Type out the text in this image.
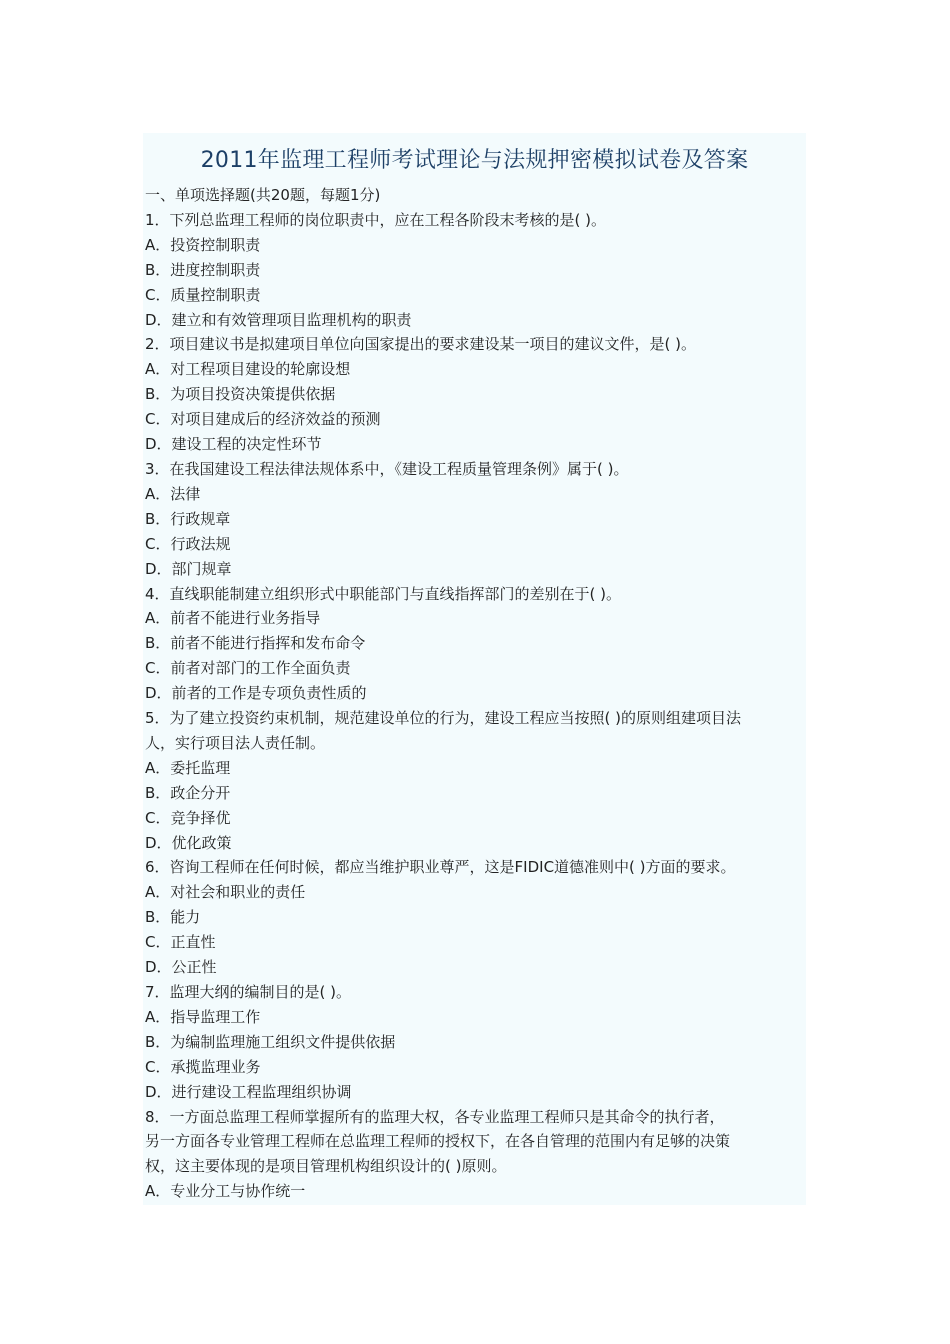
2011年监理工程师考试理论与法规押密模拟试卷及答案

一、单项选择题(共20题，每题1分)

1．下列总监理工程师的岗位职责中，应在工程各阶段末考核的是( )。

A．投资控制职责

B．进度控制职责

C．质量控制职责

D．建立和有效管理项目监理机构的职责

2．项目建议书是拟建项目单位向国家提出的要求建设某一项目的建议文件，是( )。

A．对工程项目建设的轮廓设想

B．为项目投资决策提供依据

C．对项目建成后的经济效益的预测

D．建设工程的决定性环节

3．在我国建设工程法律法规体系中，《建设工程质量管理条例》属于( )。

A．法律

B．行政规章

C．行政法规

D．部门规章

4．直线职能制建立组织形式中职能部门与直线指挥部门的差别在于( )。

A．前者不能进行业务指导

B．前者不能进行指挥和发布命令

C．前者对部门的工作全面负责

D．前者的工作是专项负责性质的

5．为了建立投资约束机制，规范建设单位的行为，建设工程应当按照( )的原则组建项目法

人，实行项目法人责任制。

A．委托监理

B．政企分开

C．竞争择优

D．优化政策

6．咨询工程师在任何时候，都应当维护职业尊严，这是FIDIC道德准则中( )方面的要求。

A．对社会和职业的责任

B．能力

C．正直性

D．公正性

7．监理大纲的编制目的是( )。

A．指导监理工作

B．为编制监理施工组织文件提供依据

C．承揽监理业务

D．进行建设工程监理组织协调

8．一方面总监理工程师掌握所有的监理大权，各专业监理工程师只是其命令的执行者，

另一方面各专业管理工程师在总监理工程师的授权下，在各自管理的范围内有足够的决策

权，这主要体现的是项目管理机构组织设计的( )原则。

A．专业分工与协作统一
